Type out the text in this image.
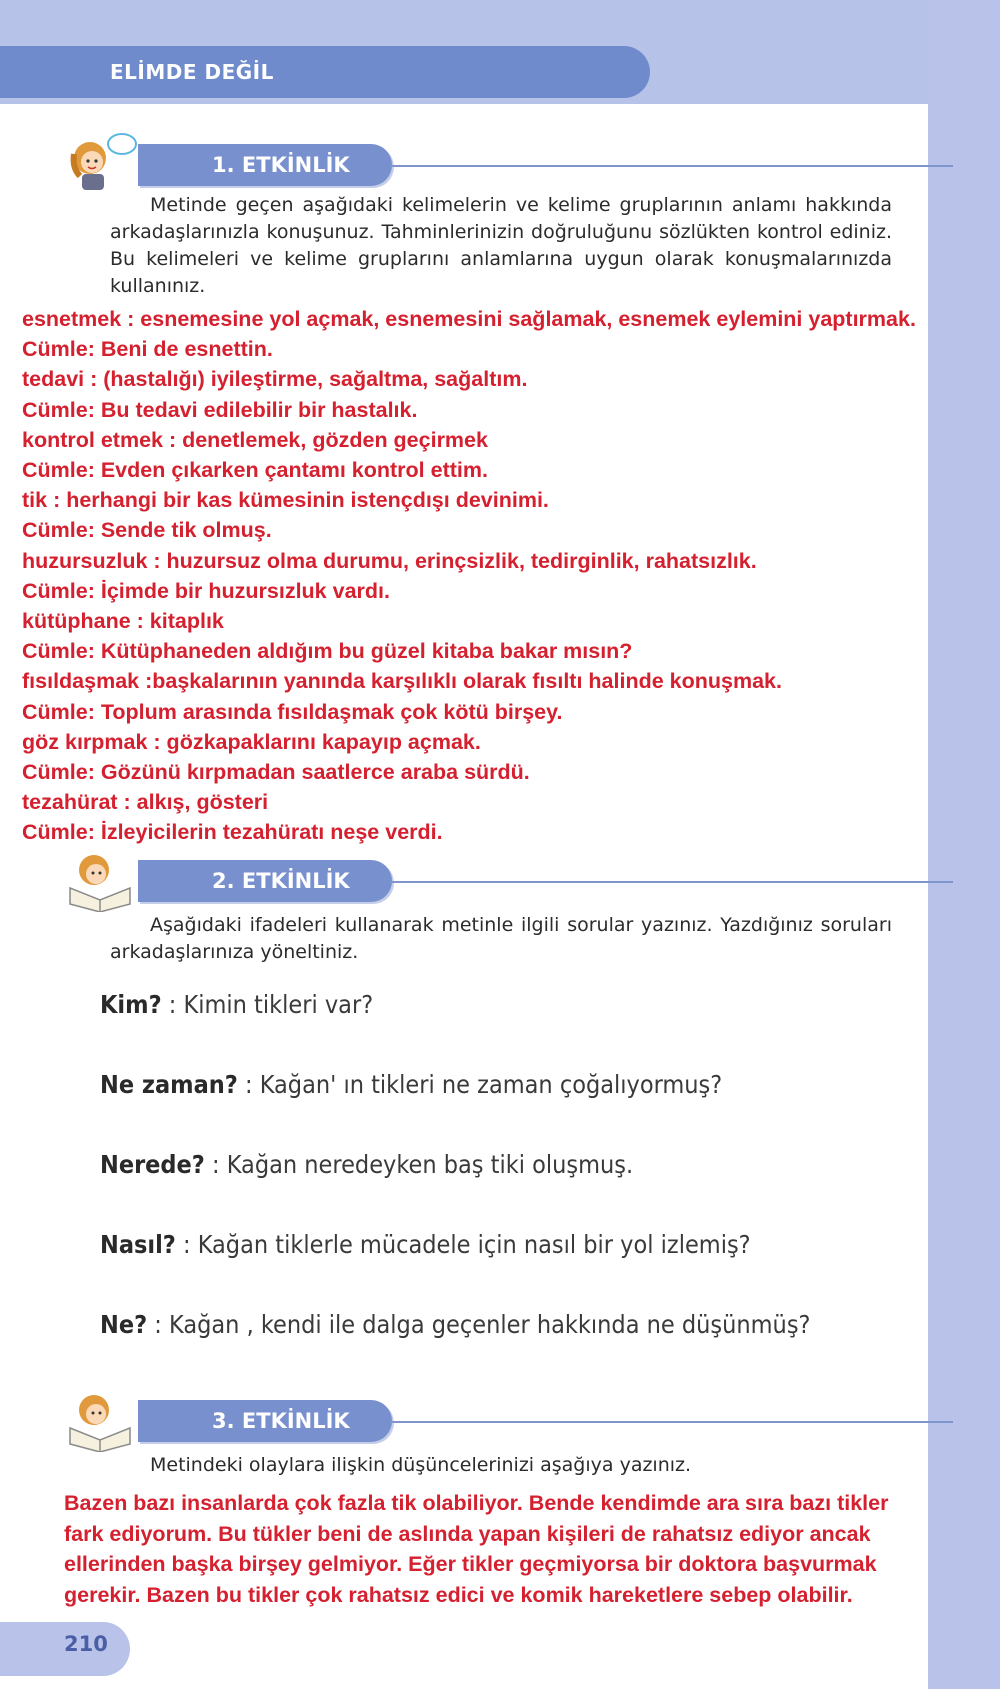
ELİMDE DEĞİL
1. ETKİNLİK

Metinde geçen aşağıdaki kelimelerin ve kelime gruplarının anlamı hakkında arkadaşlarınızla konuşunuz. Tahminlerinizin doğruluğunu sözlükten kontrol ediniz. Bu kelimeleri ve kelime gruplarını anlamlarına uygun olarak konuşmalarınızda kullanınız.

esnetmek : esnemesine yol açmak, esnemesini sağlamak, esnemek eylemini yaptırmak.
Cümle: Beni de esnettin.
tedavi : (hastalığı) iyileştirme, sağaltma, sağaltım.
Cümle: Bu tedavi edilebilir bir hastalık.
kontrol etmek : denetlemek, gözden geçirmek
Cümle: Evden çıkarken çantamı kontrol ettim.
tik : herhangi bir kas kümesinin istençdışı devinimi.
Cümle: Sende tik olmuş.
huzursuzluk : huzursuz olma durumu, erinçsizlik, tedirginlik, rahatsızlık.
Cümle: İçimde bir huzursızluk vardı.
kütüphane : kitaplık
Cümle: Kütüphaneden aldığım bu güzel kitaba bakar mısın?
fısıldaşmak :başkalarının yanında karşılıklı olarak fısıltı halinde konuşmak.
Cümle: Toplum arasında fısıldaşmak çok kötü birşey.
göz kırpmak : gözkapaklarını kapayıp açmak.
Cümle: Gözünü kırpmadan saatlerce araba sürdü.
tezahürat : alkış, gösteri
Cümle: İzleyicilerin tezahüratı neşe verdi.
2. ETKİNLİK

Aşağıdaki ifadeleri kullanarak metinle ilgili sorular yazınız. Yazdığınız soruları arkadaşlarınıza yöneltiniz.

Kim? : Kimin tikleri var?
Ne zaman? : Kağan' ın tikleri ne zaman çoğalıyormuş?
Nerede? : Kağan neredeyken baş tiki oluşmuş.
Nasıl? : Kağan tiklerle mücadele için nasıl bir yol izlemiş?
Ne? : Kağan , kendi ile dalga geçenler hakkında ne düşünmüş?
3. ETKİNLİK

Metindeki olaylara ilişkin düşüncelerinizi aşağıya yazınız.

Bazen bazı insanlarda çok fazla tik olabiliyor. Bende kendimde ara sıra bazı tikler
fark ediyorum. Bu tükler beni de aslında yapan kişileri de rahatsız ediyor ancak
ellerinden başka birşey gelmiyor. Eğer tikler geçmiyorsa bir doktora başvurmak
gerekir. Bazen bu tikler çok rahatsız edici ve komik hareketlere sebep olabilir.
210
